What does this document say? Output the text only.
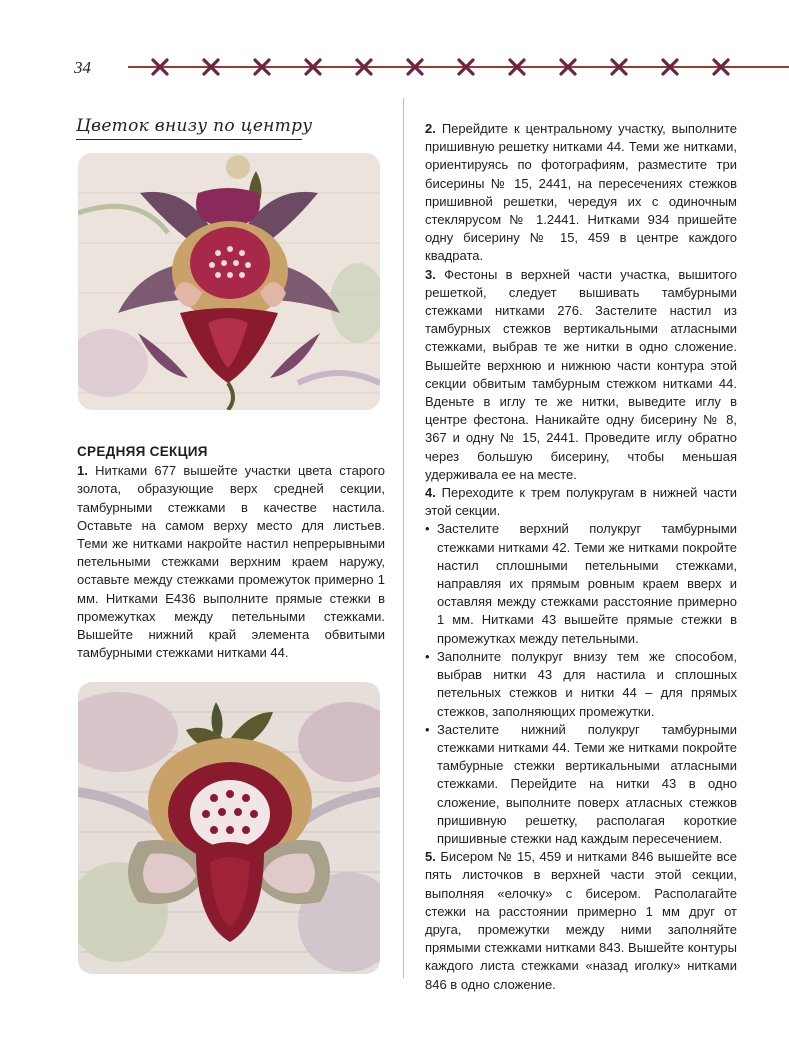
34
Цветок внизу по центру
СРЕДНЯЯ СЕКЦИЯ

1. Нитками 677 вышейте участки цвета старого золота, образующие верх средней секции, тамбурными стежками в качестве настила. Оставьте на самом верху место для листьев. Теми же нитками накройте настил непрерывными петельными стежками верхним краем наружу, оставьте между стежками промежуток примерно 1 мм. Нитками E436 выполните прямые стежки в промежутках между петельными стежками. Вышейте нижний край элемента обвитыми тамбурными стежками нитками 44.

2. Перейдите к центральному участку, выполните пришивную решетку нитками 44. Теми же нитками, ориентируясь по фотографиям, разместите три бисерины № 15, 2441, на пересечениях стежков пришивной решетки, чередуя их с одиночным стеклярусом № 1.2441. Нитками 934 пришейте одну бисерину № 15, 459 в центре каждого квадрата.

3. Фестоны в верхней части участка, вышитого решеткой, следует вышивать тамбурными стежками нитками 276. Застелите настил из тамбурных стежков вертикальными атласными стежками, выбрав те же нитки в одно сложение. Вышейте верхнюю и нижнюю части контура этой секции обвитым тамбурным стежком нитками 44. Вденьте в иглу те же нитки, выведите иглу в центре фестона. Наникайте одну бисерину № 8, 367 и одну № 15, 2441. Проведите иглу обратно через большую бисерину, чтобы меньшая удерживала ее на месте.

4. Переходите к трем полукругам в нижней части этой секции.

• Застелите верхний полукруг тамбурными стежками нитками 42. Теми же нитками покройте настил сплошными петельными стежками, направляя их прямым ровным краем вверх и оставляя между стежками расстояние примерно 1 мм. Нитками 43 вышейте прямые стежки в промежутках между петельными.

• Заполните полукруг внизу тем же способом, выбрав нитки 43 для настила и сплошных петельных стежков и нитки 44 – для прямых стежков, заполняющих промежутки.

• Застелите нижний полукруг тамбурными стежками нитками 44. Теми же нитками покройте тамбурные стежки вертикальными атласными стежками. Перейдите на нитки 43 в одно сложение, выполните поверх атласных стежков пришивную решетку, располагая короткие пришивные стежки над каждым пересечением.

5. Бисером № 15, 459 и нитками 846 вышейте все пять листочков в верхней части этой секции, выполняя «елочку» с бисером. Располагайте стежки на расстоянии примерно 1 мм друг от друга, промежутки между ними заполняйте прямыми стежками нитками 843. Вышейте контуры каждого листа стежками «назад иголку» нитками 846 в одно сложение.
